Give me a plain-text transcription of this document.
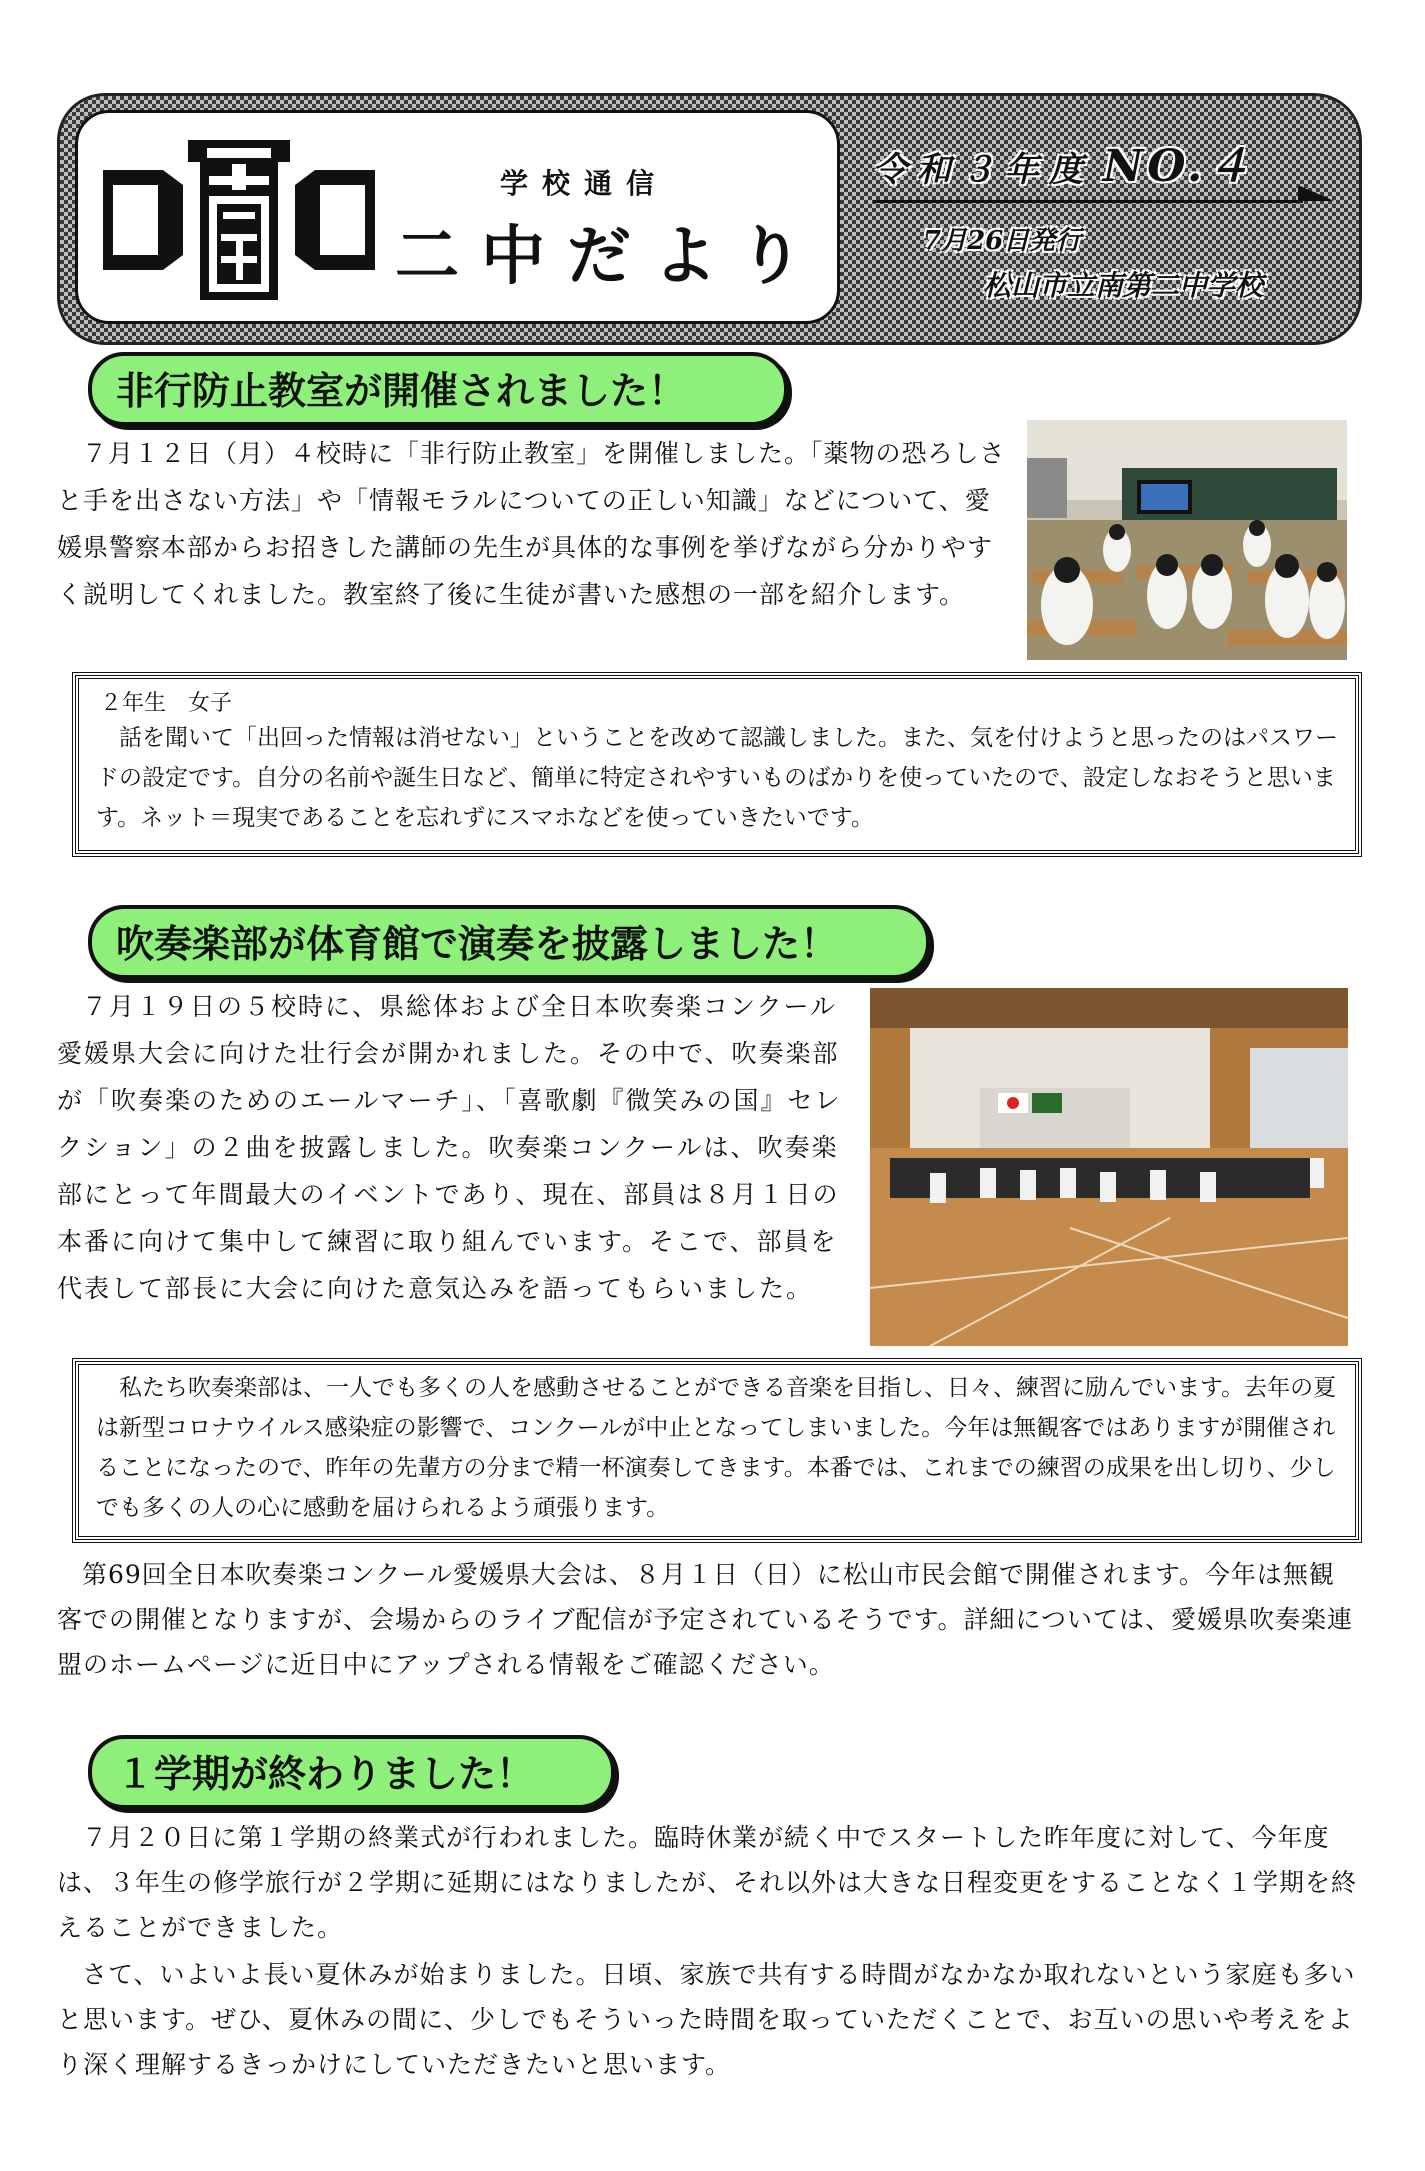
学校通信
二中だより
令和３年度 NO.４
7月26日発行
松山市立南第二中学校
非行防止教室が開催されました！

７月１２日（月）４校時に「非行防止教室」を開催しました。「薬物の恐ろしさと手を出さない方法」や「情報モラルについての正しい知識」などについて、愛媛県警察本部からお招きした講師の先生が具体的な事例を挙げながら分かりやすく説明してくれました。教室終了後に生徒が書いた感想の一部を紹介します。

２年生　女子

話を聞いて「出回った情報は消せない」ということを改めて認識しました。また、気を付けようと思ったのはパスワードの設定です。自分の名前や誕生日など、簡単に特定されやすいものばかりを使っていたので、設定しなおそうと思います。ネット＝現実であることを忘れずにスマホなどを使っていきたいです。

吹奏楽部が体育館で演奏を披露しました！

７月１９日の５校時に、県総体および全日本吹奏楽コンクール愛媛県大会に向けた壮行会が開かれました。その中で、吹奏楽部が「吹奏楽のためのエールマーチ」、「喜歌劇『微笑みの国』セレクション」の２曲を披露しました。吹奏楽コンクールは、吹奏楽部にとって年間最大のイベントであり、現在、部員は８月１日の本番に向けて集中して練習に取り組んでいます。そこで、部員を代表して部長に大会に向けた意気込みを語ってもらいました。

私たち吹奏楽部は、一人でも多くの人を感動させることができる音楽を目指し、日々、練習に励んでいます。去年の夏は新型コロナウイルス感染症の影響で、コンクールが中止となってしまいました。今年は無観客ではありますが開催されることになったので、昨年の先輩方の分まで精一杯演奏してきます。本番では、これまでの練習の成果を出し切り、少しでも多くの人の心に感動を届けられるよう頑張ります。

第69回全日本吹奏楽コンクール愛媛県大会は、８月１日（日）に松山市民会館で開催されます。今年は無観客での開催となりますが、会場からのライブ配信が予定されているそうです。詳細については、愛媛県吹奏楽連盟のホームページに近日中にアップされる情報をご確認ください。

１学期が終わりました！

７月２０日に第１学期の終業式が行われました。臨時休業が続く中でスタートした昨年度に対して、今年度は、３年生の修学旅行が２学期に延期にはなりましたが、それ以外は大きな日程変更をすることなく１学期を終えることができました。

さて、いよいよ長い夏休みが始まりました。日頃、家族で共有する時間がなかなか取れないという家庭も多いと思います。ぜひ、夏休みの間に、少しでもそういった時間を取っていただくことで、お互いの思いや考えをより深く理解するきっかけにしていただきたいと思います。
